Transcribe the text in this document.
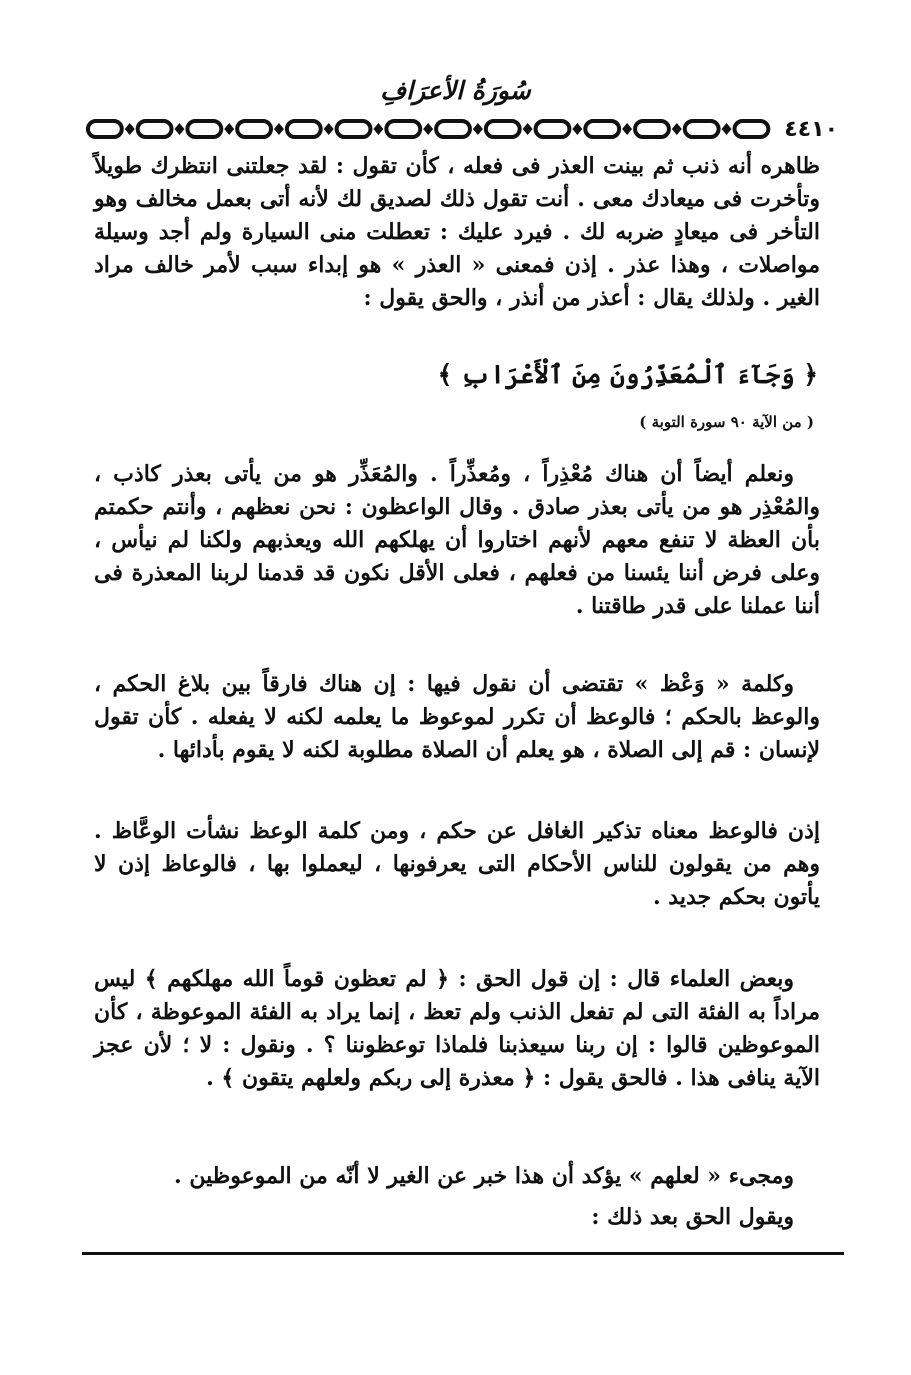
سُورَةُ الأعرَافِ
٤٤١٠
ظاهره أنه ذنب ثم بينت العذر فى فعله ، كأن تقول : لقد جعلتنى انتظرك طويلاً وتأخرت فى ميعادك معى . أنت تقول ذلك لصديق لك لأنه أتى بعمل مخالف وهو التأخر فى ميعادٍ ضربه لك . فيرد عليك : تعطلت منى السيارة ولم أجد وسيلة مواصلات ، وهذا عذر . إذن فمعنى « العذر » هو إبداء سبب لأمر خالف مراد الغير . ولذلك يقال : أعذر من أنذر ، والحق يقول :
﴿ وَجَآءَ ٱلْمُعَذِّرُونَ مِنَ ٱلْأَعْرَابِ ﴾
( من الآية ٩٠ سورة التوبة )
ونعلم أيضاً أن هناك مُعْذِراً ، ومُعذِّراً . والمُعَذِّر هو من يأتى بعذر كاذب ، والمُعْذِر هو من يأتى بعذر صادق . وقال الواعظون : نحن نعظهم ، وأنتم حكمتم بأن العظة لا تنفع معهم لأنهم اختاروا أن يهلكهم الله ويعذبهم ولكنا لم نيأس ، وعلى فرض أننا يئسنا من فعلهم ، فعلى الأقل نكون قد قدمنا لربنا المعذرة فى أننا عملنا على قدر طاقتنا .
وكلمة « وَعْظ » تقتضى أن نقول فيها : إن هناك فارقاً بين بلاغ الحكم ، والوعظ بالحكم ؛ فالوعظ أن تكرر لموعوظ ما يعلمه لكنه لا يفعله . كأن تقول لإنسان : قم إلى الصلاة ، هو يعلم أن الصلاة مطلوبة لكنه لا يقوم بأدائها .
إذن فالوعظ معناه تذكير الغافل عن حكم ، ومن كلمة الوعظ نشأت الوعَّاظ . وهم من يقولون للناس الأحكام التى يعرفونها ، ليعملوا بها ، فالوعاظ إذن لا يأتون بحكم جديد .
وبعض العلماء قال : إن قول الحق : ﴿ لم تعظون قوماً الله مهلكهم ﴾ ليس مراداً به الفئة التى لم تفعل الذنب ولم تعظ ، إنما يراد به الفئة الموعوظة ، كأن الموعوظين قالوا : إن ربنا سيعذبنا فلماذا توعظوننا ؟ . ونقول : لا ؛ لأن عجز الآية ينافى هذا . فالحق يقول : ﴿ معذرة إلى ربكم ولعلهم يتقون ﴾ .
ومجىء « لعلهم » يؤكد أن هذا خبر عن الغير لا أنّه من الموعوظين .
ويقول الحق بعد ذلك :
